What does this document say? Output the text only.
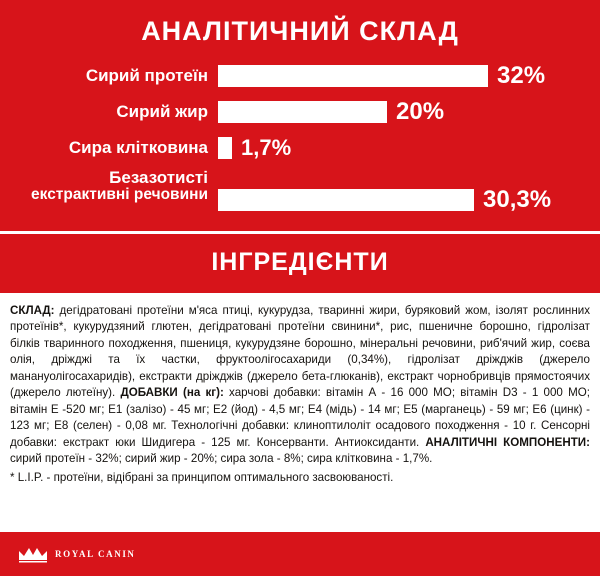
АНАЛІТИЧНИЙ СКЛАД
Сирий протеїн	32%
Сирий жир	20%
Сира клітковина	1,7%
Безазотисті
екстрактивні речовини	30,3%
ІНГРЕДІЄНТИ

СКЛАД: дегідратовані протеїни м'яса птиці, кукурудза, тваринні жири, буряковий жом, ізолят рослинних протеїнів*, кукурудзяний глютен, дегідратовані протеїни свинини*, рис, пшеничне борошно, гідролізат білків тваринного походження, пшениця, кукурудзяне борошно, мінеральні речовини, риб'ячий жир, соєва олія, дріжджі та їх частки, фруктоолігосахариди (0,34%), гідролізат дріжджів (джерело манануолігосахаридів), екстракти дріжджів (джерело бета-глюканів), екстракт чорнобривців прямостоячих (джерело лютеїну). ДОБАВКИ (на кг): харчові добавки: вітамін А - 16 000 МО; вітамін D3 - 1 000 МО; вітамін Е -520 мг; Е1 (залізо) - 45 мг; Е2 (йод) - 4,5 мг; Е4 (мідь) - 14 мг; Е5 (марганець) - 59 мг; Е6 (цинк) - 123 мг; Е8 (селен) - 0,08 мг. Технологічні добавки: клиноптилоліт осадового походження - 10 г. Сенсорні добавки: екстракт юки Шидигера - 125 мг. Консерванти. Антиоксиданти. АНАЛІТИЧНІ КОМПОНЕНТИ: сирий протеїн - 32%; сирий жир - 20%; сира зола - 8%; сира клітковина - 1,7%.

* L.I.P. - протеїни, відібрані за принципом оптимального засвоюваності.

ROYAL CANIN
